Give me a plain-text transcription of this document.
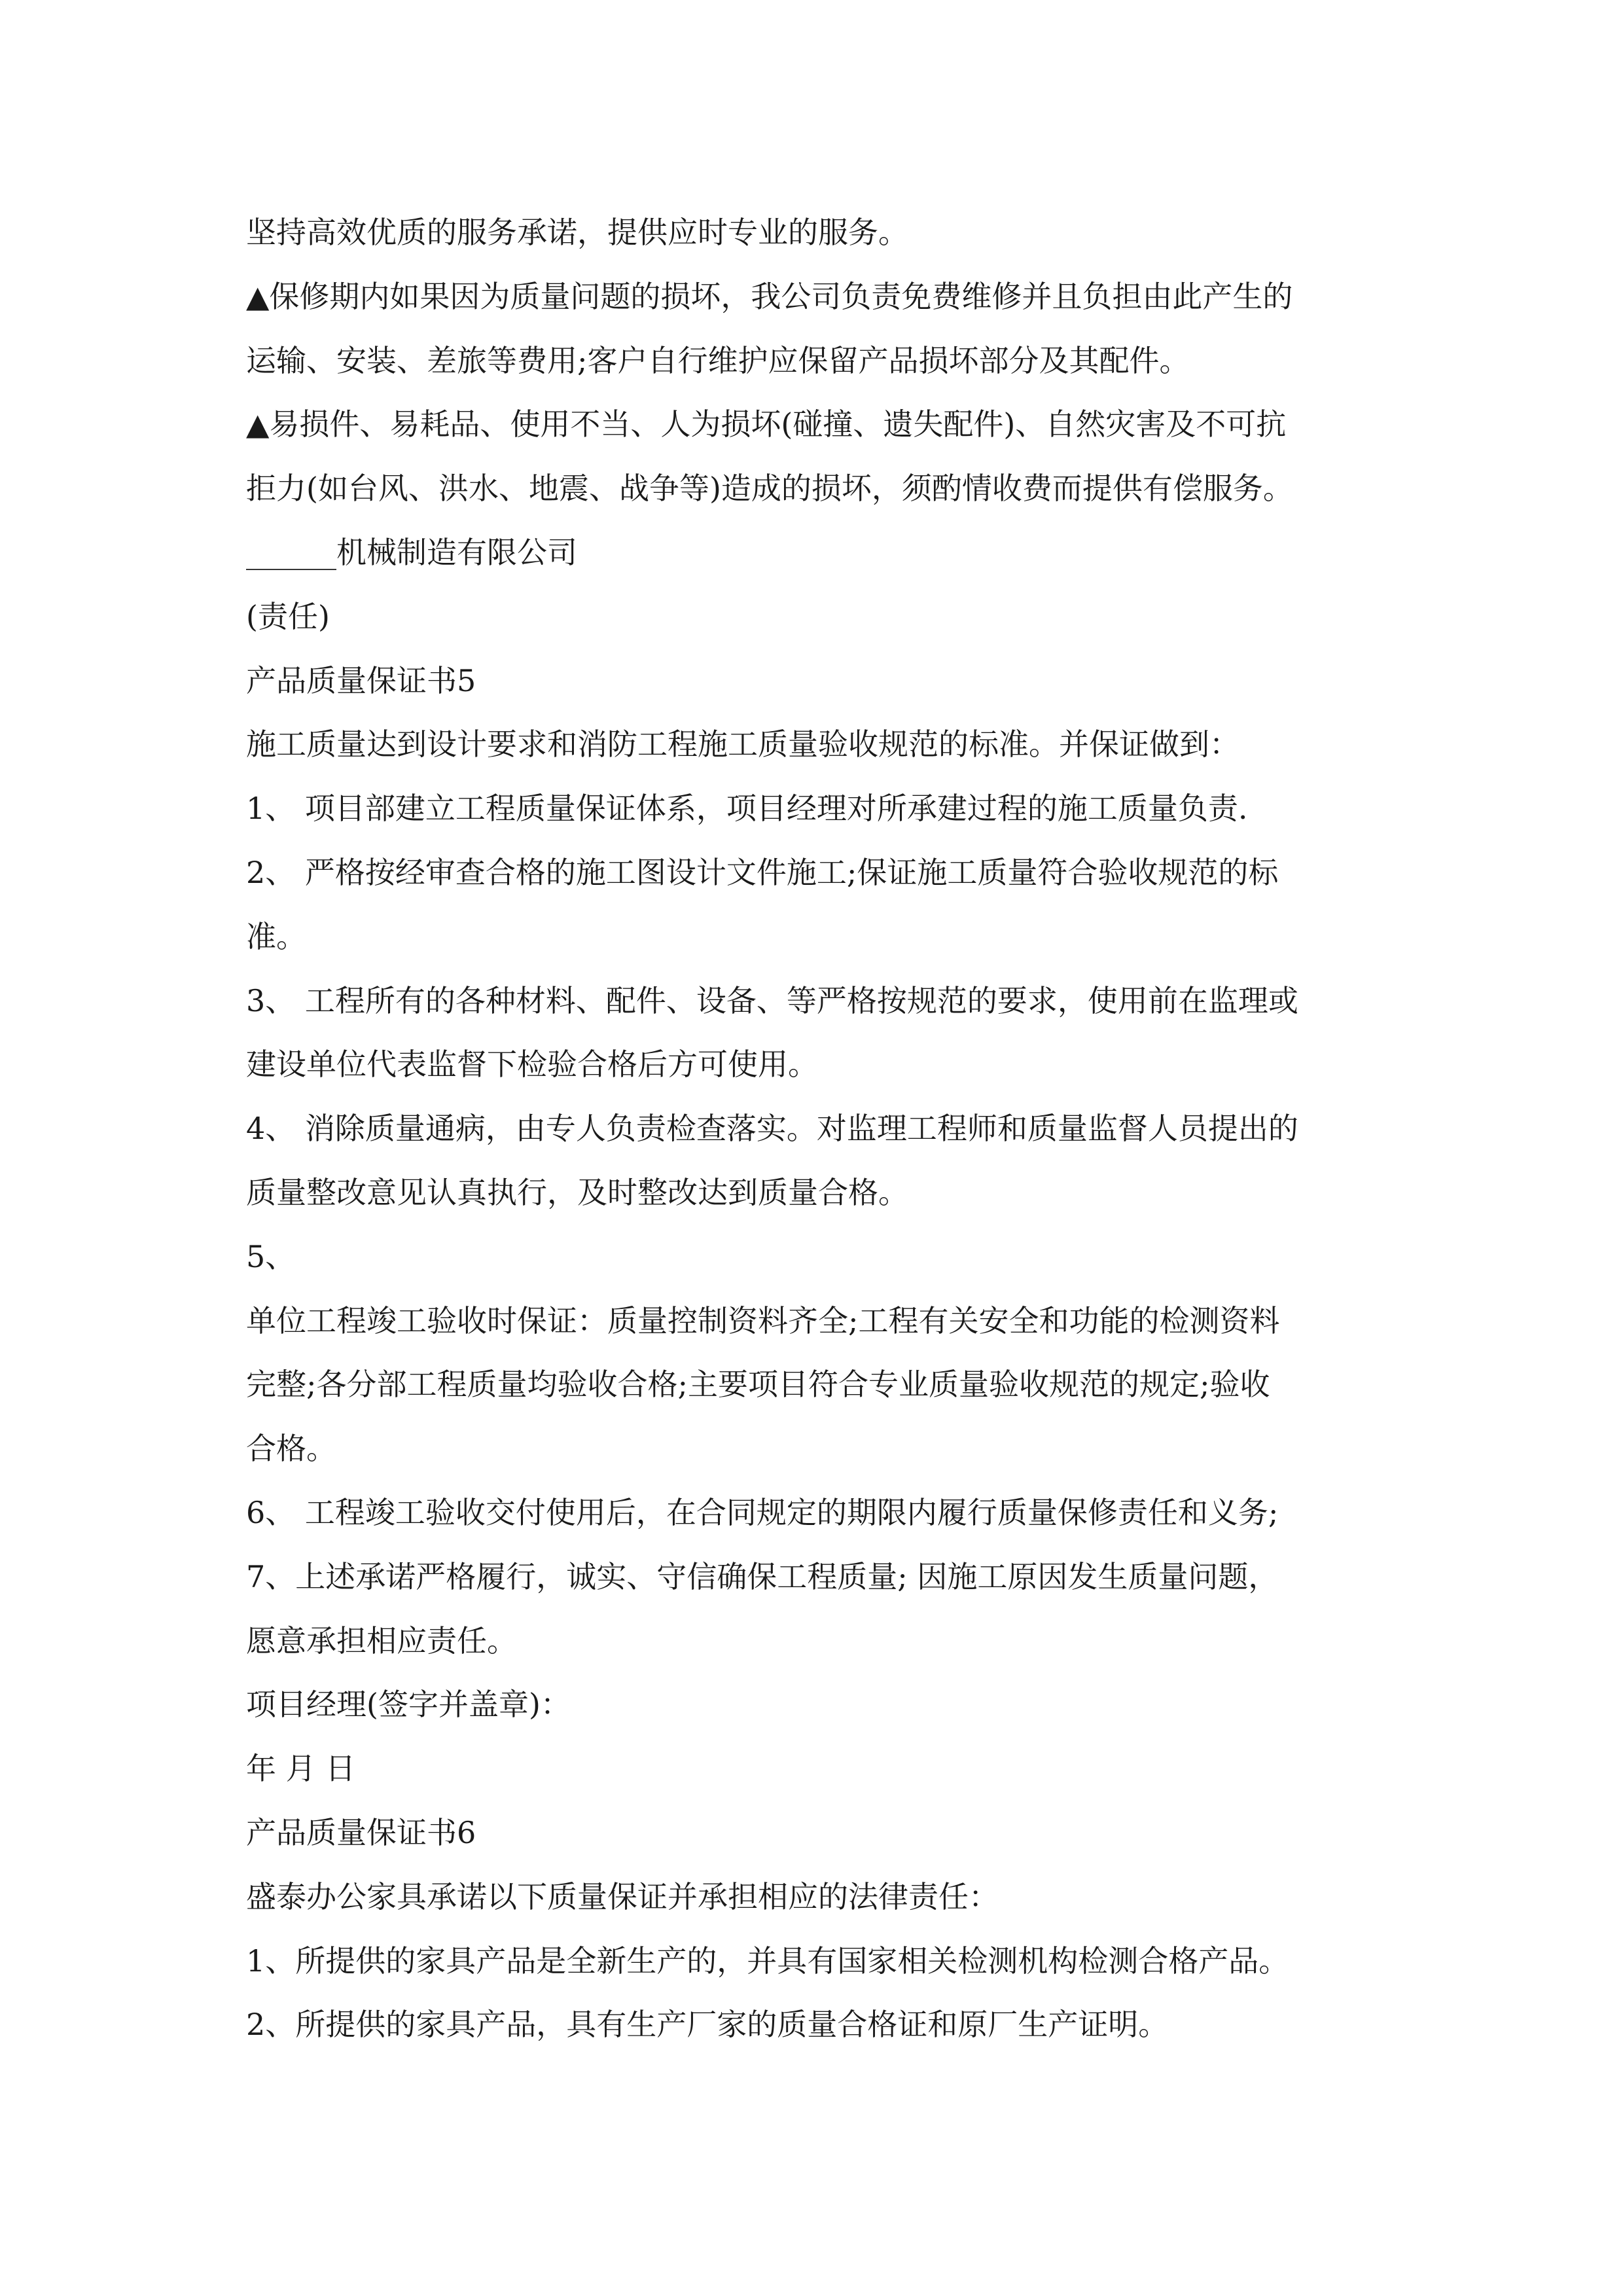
坚持高效优质的服务承诺，提供应时专业的服务。
▲保修期内如果因为质量问题的损坏，我公司负责免费维修并且负担由此产生的
运输、安装、差旅等费用;客户自行维护应保留产品损坏部分及其配件。
▲易损件、易耗品、使用不当、人为损坏(碰撞、遗失配件)、自然灾害及不可抗
拒力(如台风、洪水、地震、战争等)造成的损坏，须酌情收费而提供有偿服务。
______机械制造有限公司
(责任)
产品质量保证书5
施工质量达到设计要求和消防工程施工质量验收规范的标准。并保证做到：
1、 项目部建立工程质量保证体系，项目经理对所承建过程的施工质量负责.
2、 严格按经审查合格的施工图设计文件施工;保证施工质量符合验收规范的标
准。
3、 工程所有的各种材料、配件、设备、等严格按规范的要求，使用前在监理或
建设单位代表监督下检验合格后方可使用。
4、 消除质量通病，由专人负责检查落实。对监理工程师和质量监督人员提出的
质量整改意见认真执行，及时整改达到质量合格。
5、
单位工程竣工验收时保证：质量控制资料齐全;工程有关安全和功能的检测资料
完整;各分部工程质量均验收合格;主要项目符合专业质量验收规范的规定;验收
合格。
6、 工程竣工验收交付使用后，在合同规定的期限内履行质量保修责任和义务;
7、上述承诺严格履行，诚实、守信确保工程质量; 因施工原因发生质量问题，
愿意承担相应责任。
项目经理(签字并盖章)：
年 月 日
产品质量保证书6
盛泰办公家具承诺以下质量保证并承担相应的法律责任：
1、所提供的家具产品是全新生产的，并具有国家相关检测机构检测合格产品。
2、所提供的家具产品，具有生产厂家的质量合格证和原厂生产证明。
